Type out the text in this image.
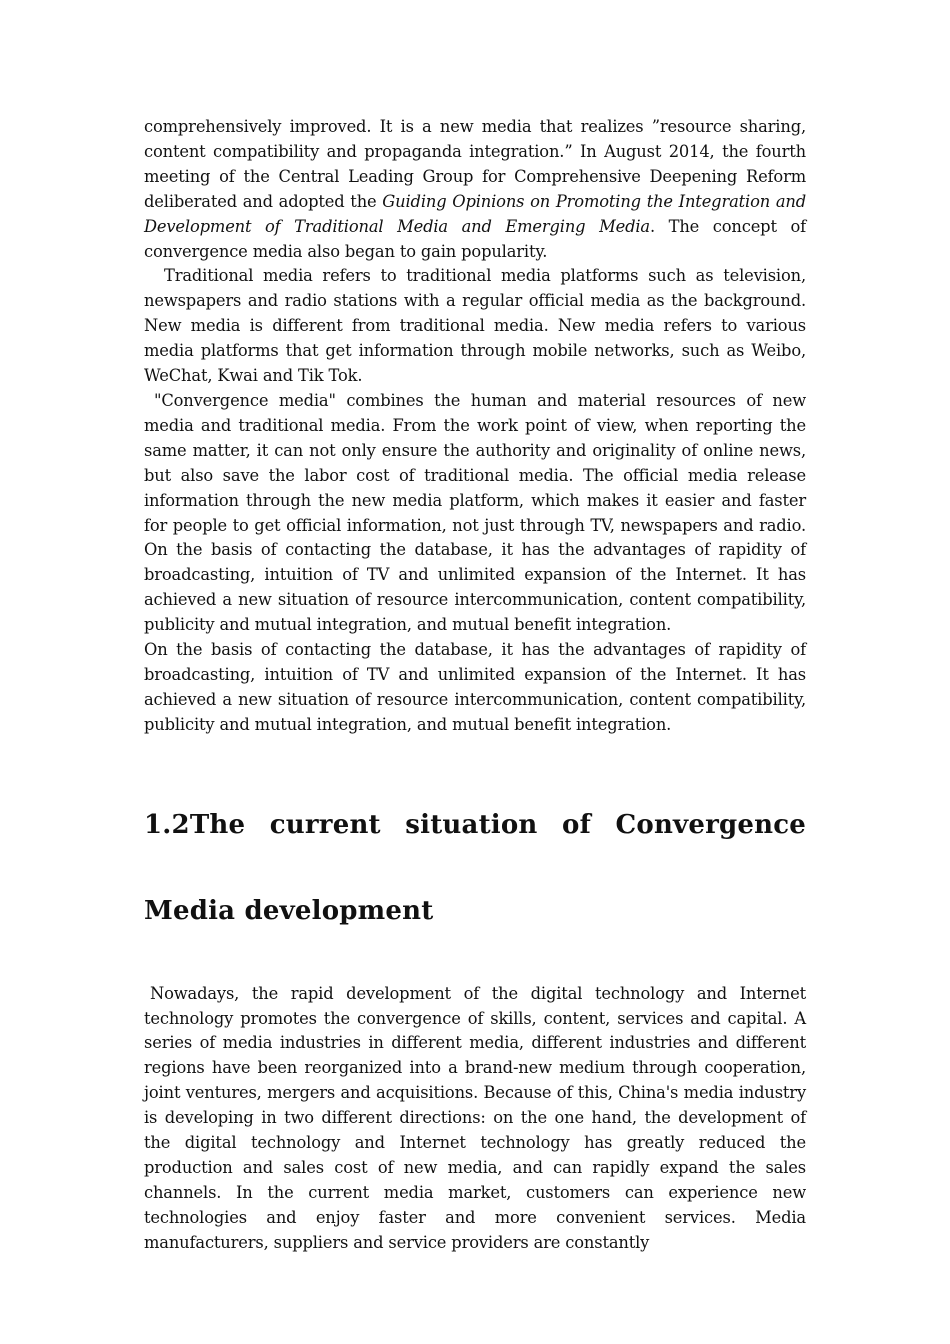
comprehensively improved. It is a new media that realizes ”resource sharing, content compatibility and propaganda integration.” In August 2014, the fourth meeting of the Central Leading Group for Comprehensive Deepening Reform deliberated and adopted the Guiding Opinions on Promoting the Integration and Development of Traditional Media and Emerging Media. The concept of convergence media also began to gain popularity.

Traditional media refers to traditional media platforms such as television, newspapers and radio stations with a regular official media as the background. New media is different from traditional media. New media refers to various media platforms that get information through mobile networks, such as Weibo, WeChat, Kwai and Tik Tok.

"Convergence media" combines the human and material resources of new media and traditional media. From the work point of view, when reporting the same matter, it can not only ensure the authority and originality of online news, but also save the labor cost of traditional media. The official media release information through the new media platform, which makes it easier and faster for people to get official information, not just through TV, newspapers and radio. On the basis of contacting the database, it has the advantages of rapidity of broadcasting, intuition of TV and unlimited expansion of the Internet. It has achieved a new situation of resource intercommunication, content compatibility, publicity and mutual integration, and mutual benefit integration.

On the basis of contacting the database, it has the advantages of rapidity of broadcasting, intuition of TV and unlimited expansion of the Internet. It has achieved a new situation of resource intercommunication, content compatibility, publicity and mutual integration, and mutual benefit integration.

1.2The current situation of Convergence Media development

Nowadays, the rapid development of the digital technology and Internet technology promotes the convergence of skills, content, services and capital. A series of media industries in different media, different industries and different regions have been reorganized into a brand-new medium through cooperation, joint ventures, mergers and acquisitions. Because of this, China's media industry is developing in two different directions: on the one hand, the development of the digital technology and Internet technology has greatly reduced the production and sales cost of new media, and can rapidly expand the sales channels. In the current media market, customers can experience new technologies and enjoy faster and more convenient services. Media manufacturers, suppliers and service providers are constantly
